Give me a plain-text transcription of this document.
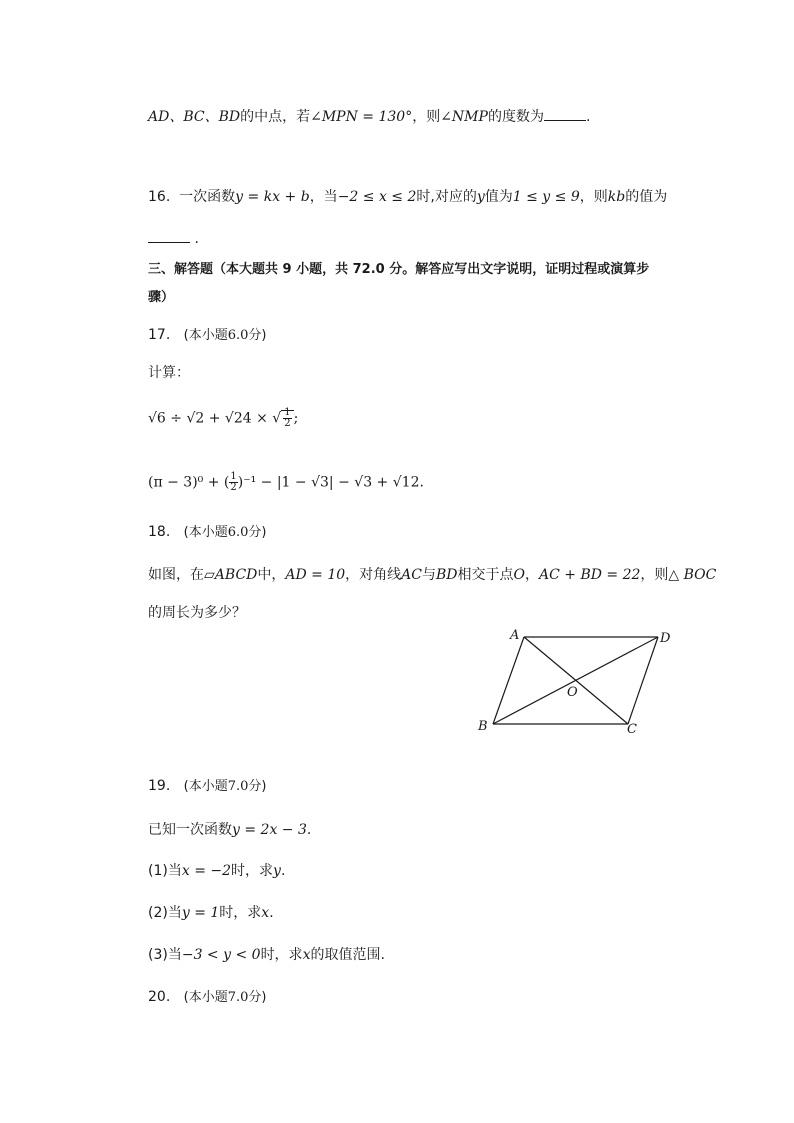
AD、BC、BD的中点，若∠MPN = 130°，则∠NMP的度数为	.
16. 一次函数y = kx + b，当−2 ≤ x ≤ 2时,对应的y值为1 ≤ y ≤ 9，则kb的值为
.
三、解答题（本大题共 9 小题，共 72.0 分。解答应写出文字说明，证明过程或演算步
骤）
17. (本小题6.0分)
计算：
√6 ÷ √2 + √24 × √ $\frac{1}{2}$ ;
(π − 3)⁰ + ( $\frac{1}{2} )^{-1} - |1 - √3| - √3 + √12$.
18. (本小题6.0分)
如图，在▱ABCD中，AD = 10，对角线AC与BD相交于点O，AC + BD = 22，则△ BOC
的周长为多少？
A	D
B	C
O
19. (本小题7.0分)
已知一次函数y = 2x − 3.
(1)当x = −2时，求y.
(2)当y = 1时，求x.
(3)当−3 < y < 0时，求x的取值范围.
20. (本小题7.0分)
